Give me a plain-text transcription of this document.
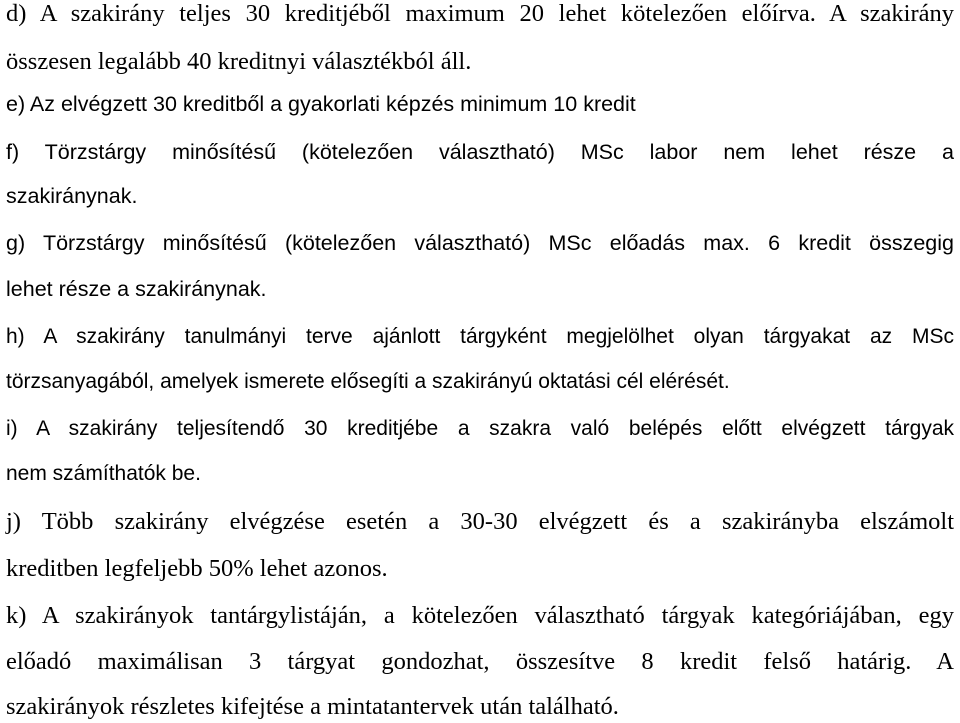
d) A szakirány teljes 30 kreditjéből maximum 20 lehet kötelezően előírva. A szakirány
összesen legalább 40 kreditnyi választékból áll.
e) Az elvégzett 30 kreditből a gyakorlati képzés minimum 10 kredit
f) Törzstárgy minősítésű (kötelezően választható) MSc labor nem lehet része a
szakiránynak.
g) Törzstárgy minősítésű (kötelezően választható) MSc előadás max. 6 kredit összegig
lehet része a szakiránynak.
h) A szakirány tanulmányi terve ajánlott tárgyként megjelölhet olyan tárgyakat az MSc
törzsanyagából, amelyek ismerete elősegíti a szakirányú oktatási cél elérését.
i) A szakirány teljesítendő 30 kreditjébe a szakra való belépés előtt elvégzett tárgyak
nem számíthatók be.
j) Több szakirány elvégzése esetén a 30-30 elvégzett és a szakirányba elszámolt
kreditben legfeljebb 50% lehet azonos.
k) A szakirányok tantárgylistáján, a kötelezően választható tárgyak kategóriájában, egy
előadó maximálisan 3 tárgyat gondozhat, összesítve 8 kredit felső határig. A
szakirányok részletes kifejtése a mintatantervek után található.
